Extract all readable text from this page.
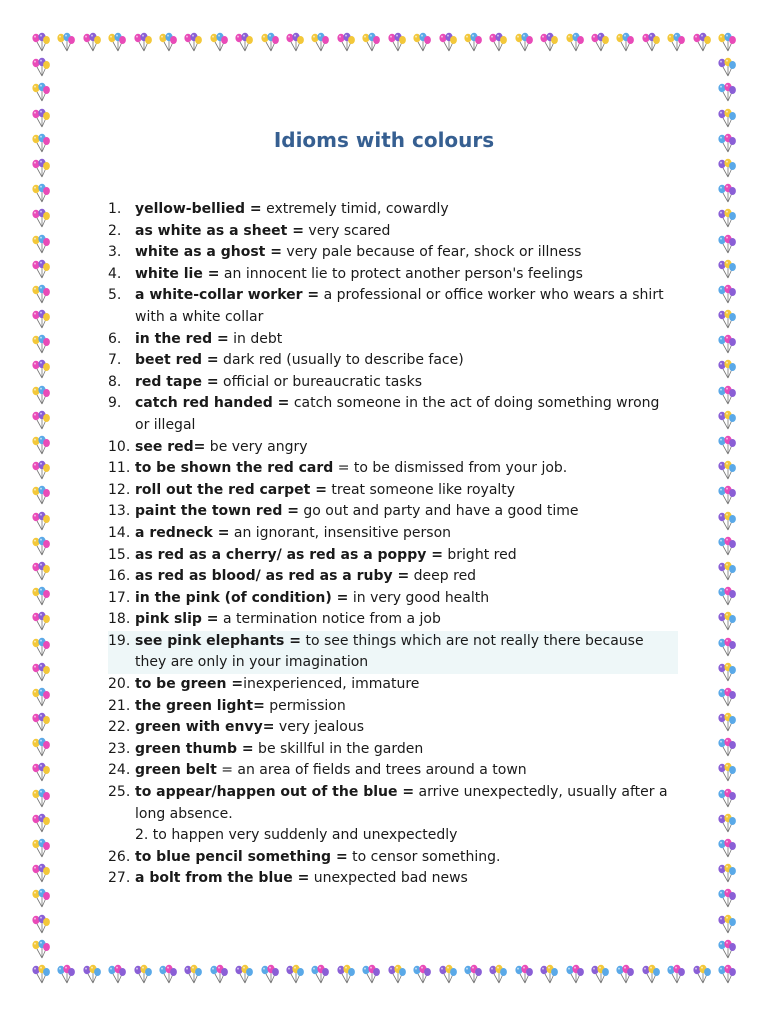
Idioms with colours
1. yellow-bellied = extremely timid, cowardly
2. as white as a sheet = very scared
3. white as a ghost = very pale because of fear, shock or illness
4. white lie = an innocent lie to protect another person's feelings
5. a white-collar worker = a professional or office worker who wears a shirt with a white collar
6. in the red = in debt
7. beet red = dark red (usually to describe face)
8. red tape = official or bureaucratic tasks
9. catch red handed = catch someone in the act of doing something wrong or illegal
10. see red= be very angry
11. to be shown the red card = to be dismissed from your job.
12. roll out the red carpet = treat someone like royalty
13. paint the town red = go out and party and have a good time
14. a redneck = an ignorant, insensitive person
15. as red as a cherry/ as red as a poppy = bright red
16. as red as blood/ as red as a ruby = deep red
17. in the pink (of condition) = in very good health
18. pink slip = a termination notice from a job
19. see pink elephants = to see things which are not really there because they are only in your imagination
20. to be green =inexperienced, immature
21. the green light= permission
22. green with envy= very jealous
23. green thumb = be skillful in the garden
24. green belt = an area of fields and trees around a town
25. to appear/happen out of the blue = arrive unexpectedly, usually after a long absence.
2. to happen very suddenly and unexpectedly
26. to blue pencil something = to censor something.
27. a bolt from the blue = unexpected bad news
